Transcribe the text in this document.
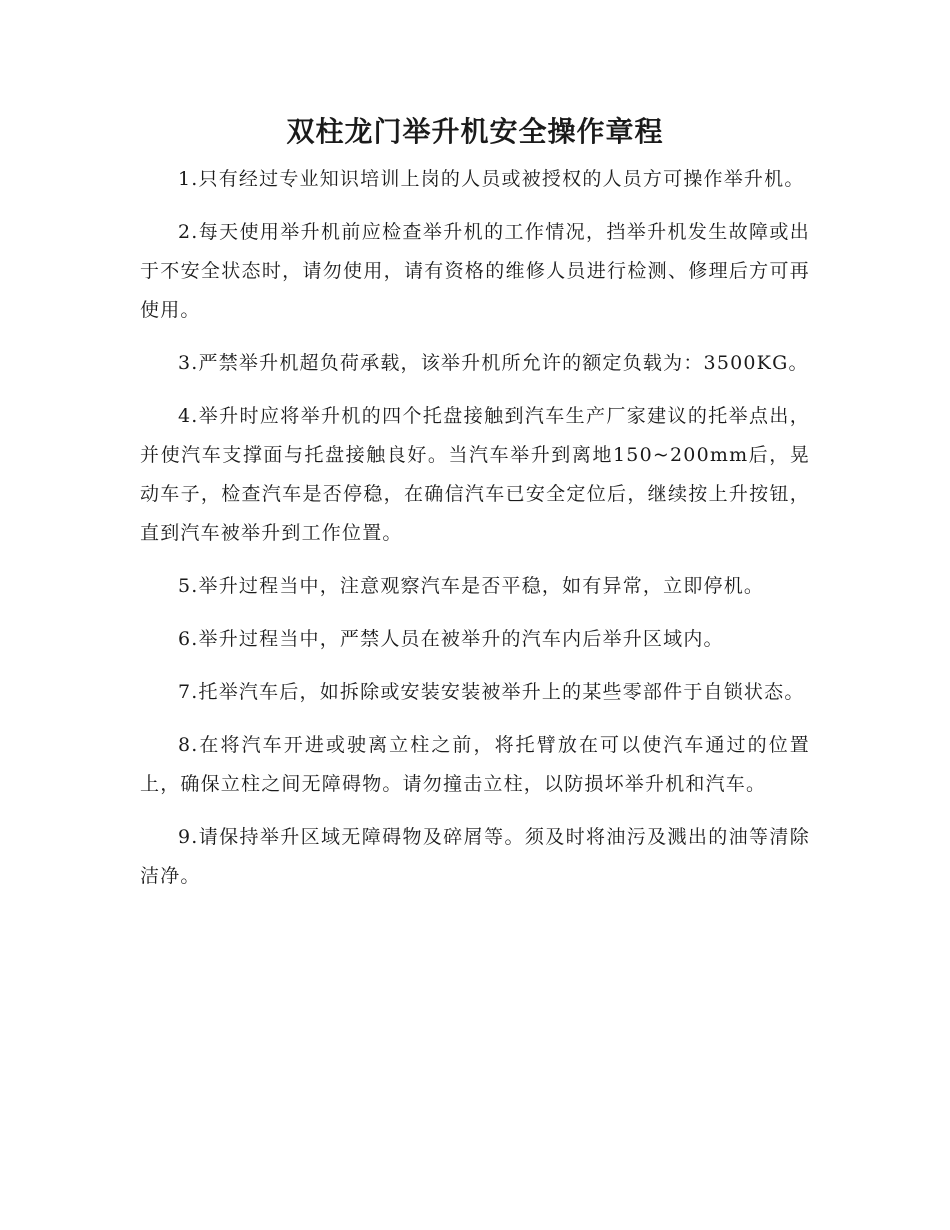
双柱龙门举升机安全操作章程

1.只有经过专业知识培训上岗的人员或被授权的人员方可操作举升机。

2.每天使用举升机前应检查举升机的工作情况，挡举升机发生故障或出于不安全状态时，请勿使用，请有资格的维修人员进行检测、修理后方可再使用。

3.严禁举升机超负荷承载，该举升机所允许的额定负载为：3500KG。

4.举升时应将举升机的四个托盘接触到汽车生产厂家建议的托举点出，并使汽车支撑面与托盘接触良好。当汽车举升到离地150~200mm后，晃动车子，检查汽车是否停稳，在确信汽车已安全定位后，继续按上升按钮，直到汽车被举升到工作位置。

5.举升过程当中，注意观察汽车是否平稳，如有异常，立即停机。

6.举升过程当中，严禁人员在被举升的汽车内后举升区域内。

7.托举汽车后，如拆除或安装安装被举升上的某些零部件于自锁状态。

8.在将汽车开进或驶离立柱之前，将托臂放在可以使汽车通过的位置上，确保立柱之间无障碍物。请勿撞击立柱，以防损坏举升机和汽车。

9.请保持举升区域无障碍物及碎屑等。须及时将油污及溅出的油等清除洁净。
